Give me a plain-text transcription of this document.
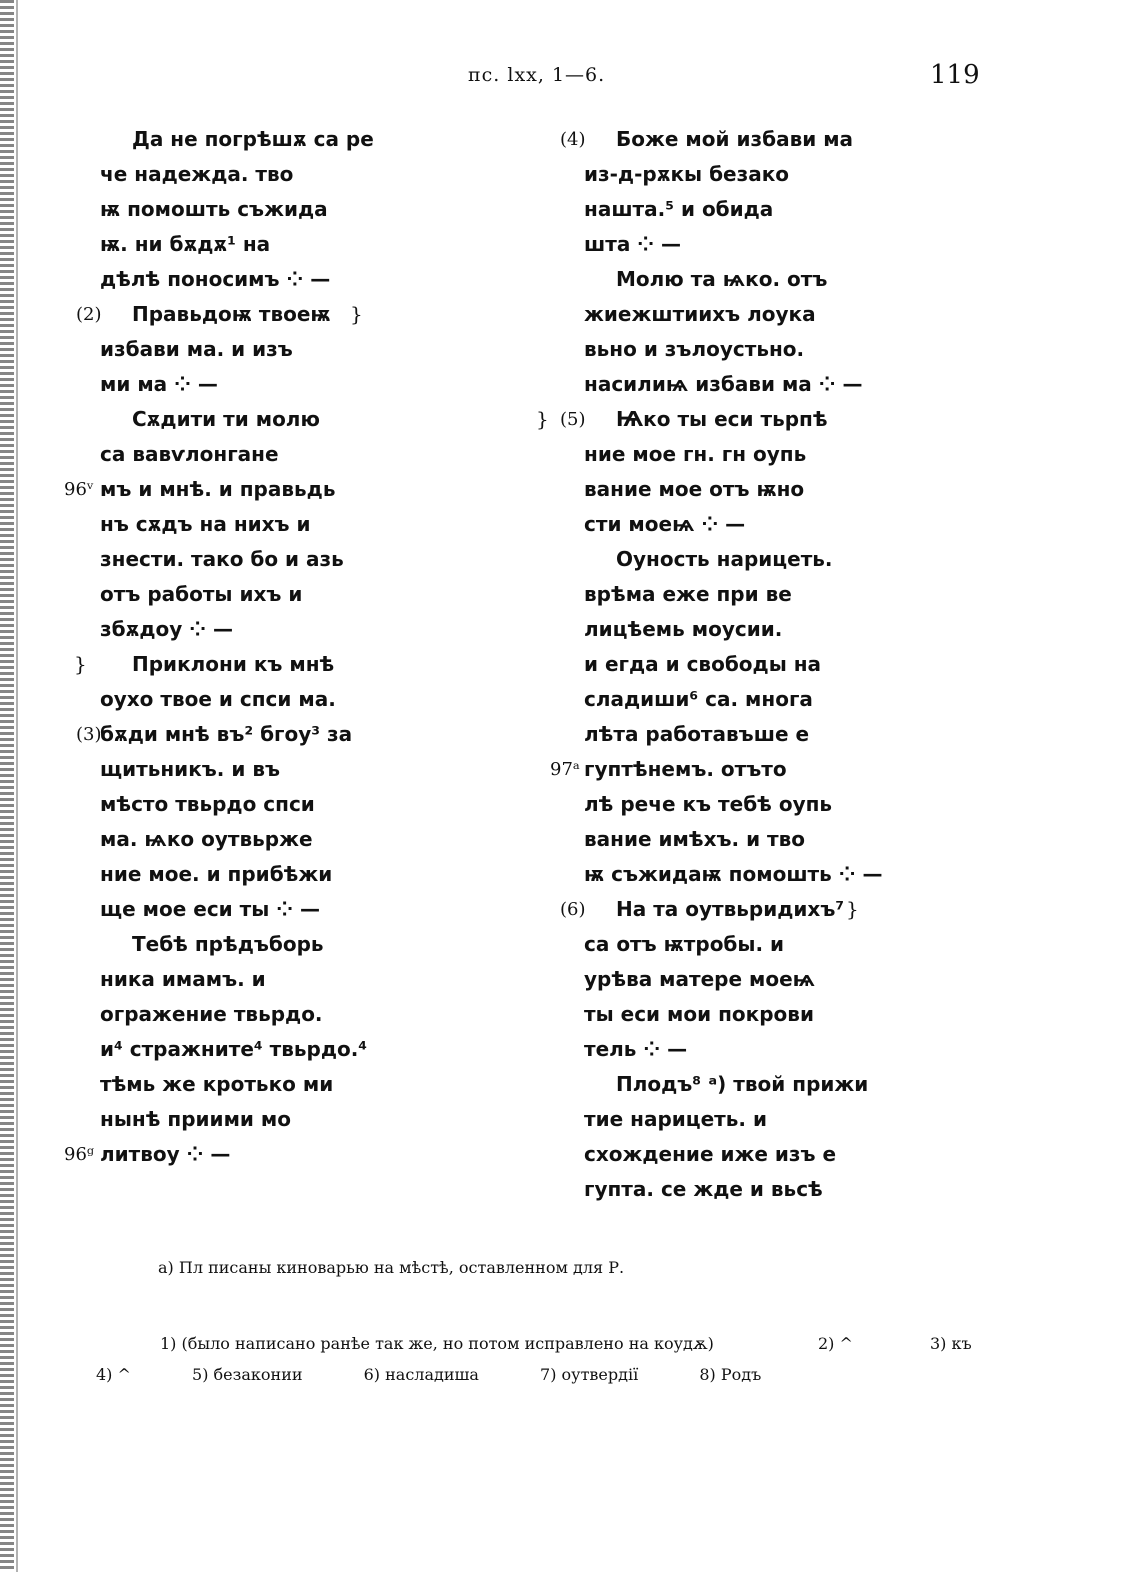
пс. lxx, 1—6.	119
Да не погрѣшѫ са ре
че надежда. тво
ѭ помошть съжида
ѭ. ни бѫдѫ¹ на
дѣлѣ поносимъ ⁘ —
Правьдоѭ твоеѭ
(2)	}
избави ма. и изъ
ми ма ⁘ —
Сѫдити ти молю
са вавѵлонгане
мъ и мнѣ. и правьдь
96ᵛ
нъ сѫдъ на нихъ и
знести. тако бо и азь
отъ работы ихъ и
збѫдоу ⁘ —
Приклони къ мнѣ
}
оухо твое и спси ма.
бѫди мнѣ въ² бгоу³ за
(3)
щитьникъ. и въ
мѣсто твьрдо спси
ма. ѩко оутвьрже
ние мое. и прибѣжи
ще мое еси ты ⁘ —
Тебѣ прѣдъборь
ника имамъ. и
огражение твьрдо.
и⁴ стражните⁴ твьрдо.⁴
тѣмь же кротько ми
нынѣ приими мо
литвоу ⁘ —
96ᵍ
Боже мой избави ма
(4)
из-д-рѫкы безако
нашта.⁵ и обида
шта ⁘ —
Молю та ѩко. отъ
жиежштиихъ лоука
вьно и зълоустьно.
насилиѩ избави ма ⁘ —
Ѩко ты еси тьрпѣ
(5)
}
ние мое гн. гн оупь
вание мое отъ ѭно
сти моеѩ ⁘ —
Оуность нарицеть.
врѣма еже при ве
лицѣемь моусии.
и егда и свободы на
сладиши⁶ са. многа
лѣта работавъше е
гуптѣнемъ. отъто
97ᵃ
лѣ рече къ тебѣ оупь
вание имѣхъ. и тво
ѭ съжидаѭ помошть ⁘ —
На та оутвьридихъ⁷
(6)	}
са отъ ѭтробы. и
урѣва матере моеѩ
ты еси мои покрови
тель ⁘ —
Плодъ⁸ ᵃ) твой прижи
тие нарицеть. и
схождение иже изъ е
гупта. се жде и вьсѣ
а) Пл писаны киноварью на мѣстѣ, оставленном для Р.
1) (было написано ранѣе так же, но потом исправлено на коудѫ)	2) ^	3) къ
4) ^	5) безаконии	6) насладиша	7) оутвердії	8) Родъ
